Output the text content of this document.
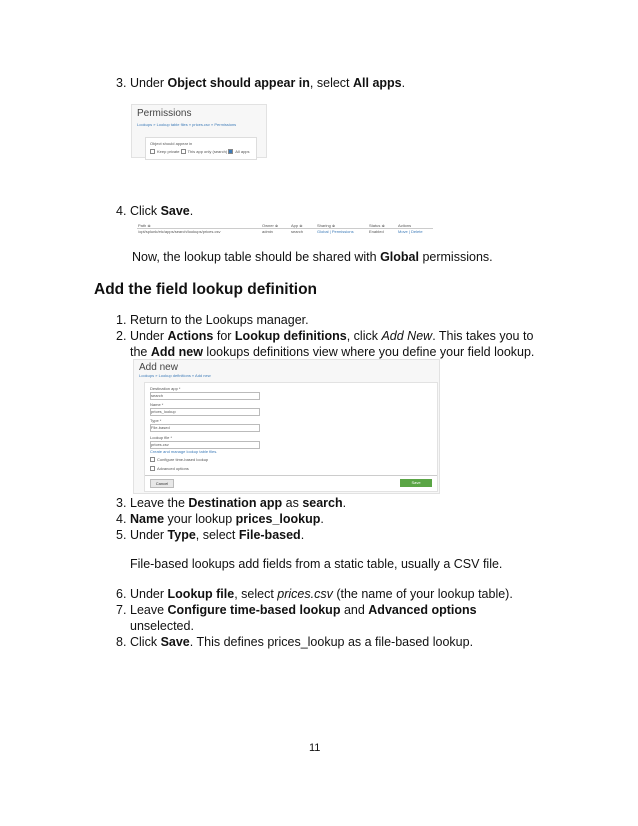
3. Under Object should appear in, select All apps.
Permissions
Lookups » Lookup table files » prices.csv » Permissions
Object should appear in
Keep private This app only (search) All apps
4. Click Save.
Path ≑	Owner ≑	App ≑	Sharing ≑	Status ≑	Actions
/opt/splunk/etc/apps/search/lookups/prices.csv	admin	search	Global | Permissions	Enabled	Move | Delete
Now, the lookup table should be shared with Global permissions.
Add the field lookup definition
1. Return to the Lookups manager.
2. Under Actions for Lookup definitions, click Add New. This takes you to
the Add new lookups definitions view where you define your field lookup.
Add new
Lookups » Lookup definitions » Add new
Destination app *
search
Name *
prices_lookup
Type *
File-based
Lookup file *
prices.csv
Create and manage lookup table files.
Configure time-based lookup
Advanced options
Cancel	Save
3. Leave the Destination app as search.
4. Name your lookup prices_lookup.
5. Under Type, select File-based.
File-based lookups add fields from a static table, usually a CSV file.
6. Under Lookup file, select prices.csv (the name of your lookup table).
7. Leave Configure time-based lookup and Advanced options
unselected.
8. Click Save. This defines prices_lookup as a file-based lookup.
11
